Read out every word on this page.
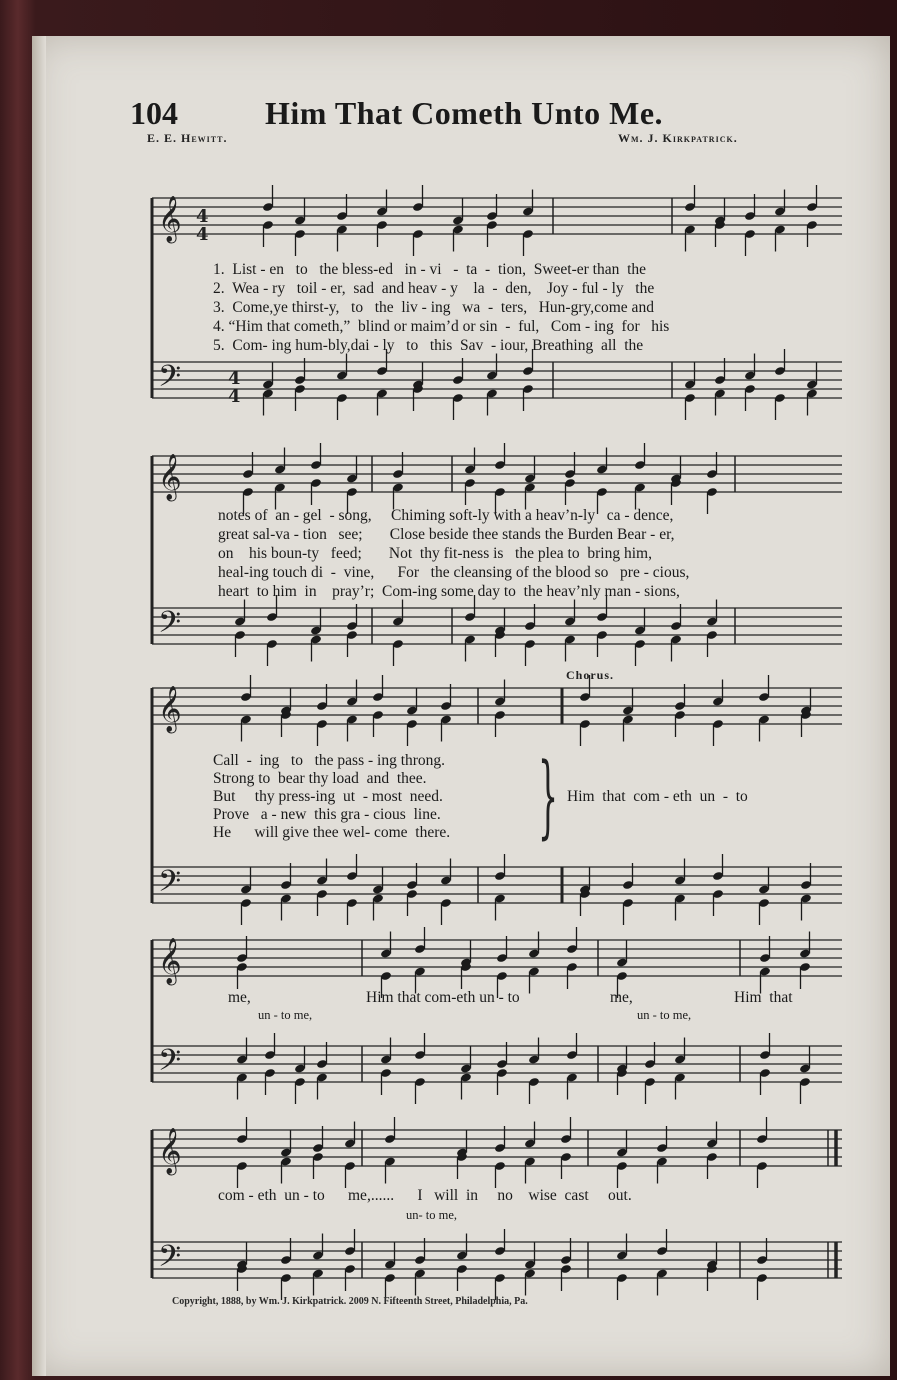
104	Him That Cometh Unto Me.
E. E. Hewitt.	Wm. J. Kirkpatrick.
𝄞
𝄢
4
4
4
4
𝄞
𝄢
𝄞
𝄢
𝄞
𝄢
𝄞
𝄢
1.  List - en   to   the bless-ed   in - vi   -  ta  -  tion,  Sweet-er than  the
2.  Wea - ry   toil - er,  sad  and heav - y    la  -  den,    Joy - ful - ly   the
3.  Come,ye thirst-y,   to   the  liv - ing   wa  -  ters,   Hun-gry,come and
4. “Him that cometh,”  blind or maim’d or sin  -  ful,   Com - ing  for   his
5.  Com- ing hum-bly,dai - ly   to   this  Sav  - iour, Breathing  all  the
notes of  an - gel  - song,     Chiming soft-ly with a heav’n-ly   ca - dence,
great sal-va - tion   see;       Close beside thee stands the Burden Bear - er,
on    his boun-ty   feed;       Not  thy fit-ness is   the plea to  bring him,
heal-ing touch di  -  vine,      For   the cleansing of the blood so   pre - cious,
heart  to him  in    pray’r;  Com-ing some day to  the heav’nly man - sions,
Chorus.
Call  -  ing   to   the pass - ing throng.
Strong to  bear thy load  and  thee.
But     thy press-ing  ut  - most  need.
Prove   a - new  this gra - cious  line.
He      will give thee wel- come  there. } Him  that  com - eth  un  -  to
me,	Him that com-eth un - to	me,	Him  that
un - to me,	un - to me,
com - eth  un - to      me,......      I   will  in     no    wise  cast     out.
un- to me,
Copyright, 1888, by Wm. J. Kirkpatrick. 2009 N. Fifteenth Street, Philadelphia, Pa.
